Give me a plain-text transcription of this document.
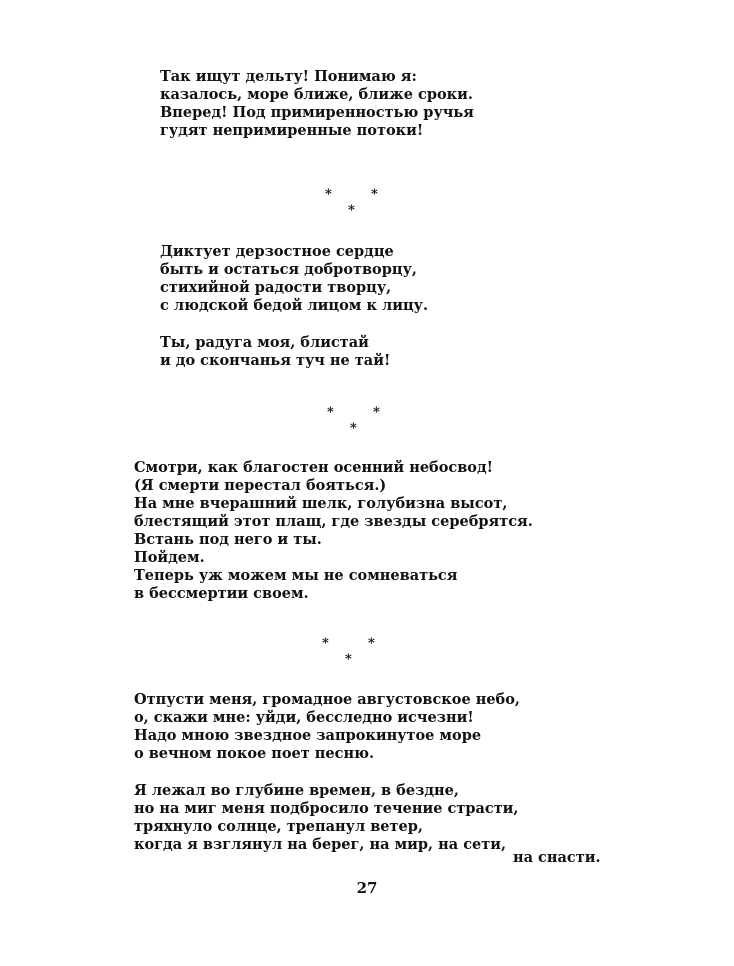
Так ищут дельту! Понимаю я:
казалось, море ближе, ближе сроки.
Вперед! Под примиренностью ручья
гудят непримиренные потоки!
*	*
*
Диктует дерзостное сердце
быть и остаться добротворцу,
стихийной радости творцу,
с людской бедой лицом к лицу.
Ты, радуга моя, блистай
и до скончанья туч не тай!
*	*
*
Смотри, как благостен осенний небосвод!
(Я смерти перестал бояться.)
На мне вчерашний шелк, голубизна высот,
блестящий этот плащ, где звезды серебрятся.
Встань под него и ты.
Пойдем.
Теперь уж можем мы не сомневаться
в бессмертии своем.
*	*
*
Отпусти меня, громадное августовское небо,
о, скажи мне: уйди, бесследно исчезни!
Надо мною звездное запрокинутое море
о вечном покое поет песню.
Я лежал во глубине времен, в бездне,
но на миг меня подбросило течение страсти,
тряхнуло солнце, трепанул ветер,
когда я взглянул на берег, на мир, на сети,
на снасти.
27
